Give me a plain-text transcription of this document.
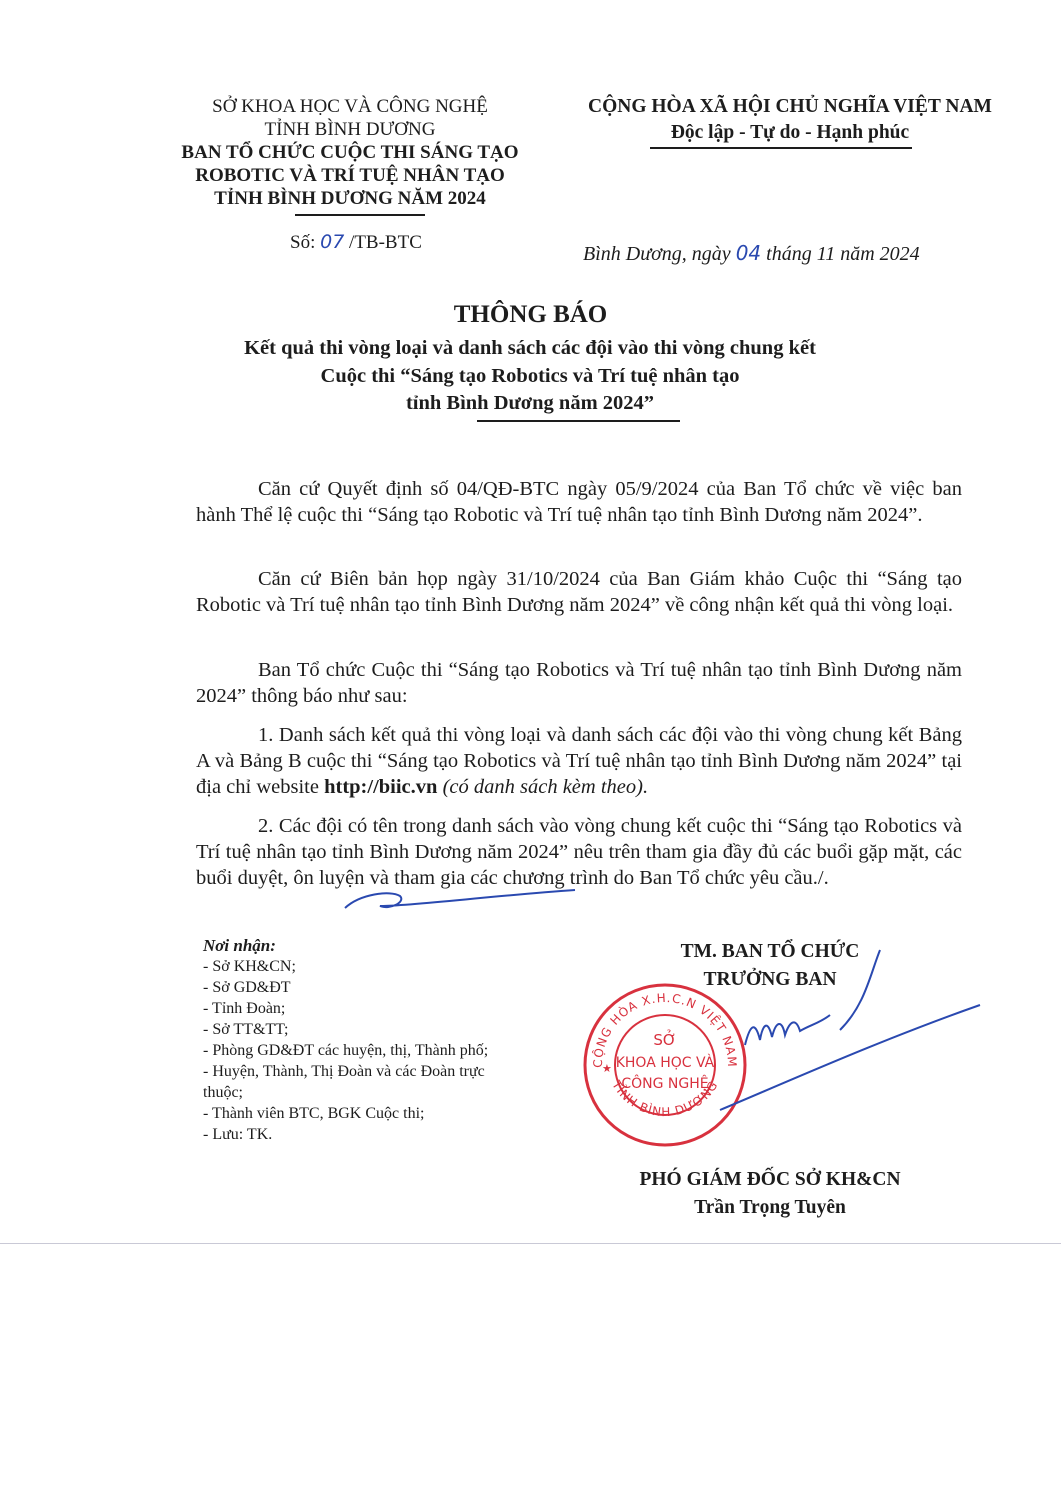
SỞ KHOA HỌC VÀ CÔNG NGHỆ
TỈNH BÌNH DƯƠNG
BAN TỔ CHỨC CUỘC THI SÁNG TẠO
ROBOTIC VÀ TRÍ TUỆ NHÂN TẠO
TỈNH BÌNH DƯƠNG NĂM 2024
CỘNG HÒA XÃ HỘI CHỦ NGHĨA VIỆT NAM
Độc lập - Tự do - Hạnh phúc
Số: 07 /TB-BTC
Bình Dương, ngày 04 tháng 11 năm 2024
THÔNG BÁO
Kết quả thi vòng loại và danh sách các đội vào thi vòng chung kết
Cuộc thi “Sáng tạo Robotics và Trí tuệ nhân tạo
tỉnh Bình Dương năm 2024”
Căn cứ Quyết định số 04/QĐ-BTC ngày 05/9/2024 của Ban Tổ chức về việc ban hành Thể lệ cuộc thi “Sáng tạo Robotic và Trí tuệ nhân tạo tỉnh Bình Dương năm 2024”.
Căn cứ Biên bản họp ngày 31/10/2024 của Ban Giám khảo Cuộc thi “Sáng tạo Robotic và Trí tuệ nhân tạo tỉnh Bình Dương năm 2024” về công nhận kết quả thi vòng loại.
Ban Tổ chức Cuộc thi “Sáng tạo Robotics và Trí tuệ nhân tạo tỉnh Bình Dương năm 2024” thông báo như sau:
1. Danh sách kết quả thi vòng loại và danh sách các đội vào thi vòng chung kết Bảng A và Bảng B cuộc thi “Sáng tạo Robotics và Trí tuệ nhân tạo tỉnh Bình Dương năm 2024” tại địa chỉ website http://biic.vn (có danh sách kèm theo).
2. Các đội có tên trong danh sách vào vòng chung kết cuộc thi “Sáng tạo Robotics và Trí tuệ nhân tạo tỉnh Bình Dương năm 2024” nêu trên tham gia đầy đủ các buổi gặp mặt, các buổi duyệt, ôn luyện và tham gia các chương trình do Ban Tổ chức yêu cầu./.
Nơi nhận:
- Sở KH&CN;
- Sở GD&ĐT
- Tỉnh Đoàn;
- Sở TT&TT;
- Phòng GD&ĐT các huyện, thị, Thành phố;
- Huyện, Thành, Thị Đoàn và các Đoàn trực thuộc;
- Thành viên BTC, BGK Cuộc thi;
- Lưu: TK.
TM. BAN TỔ CHỨC
TRƯỞNG BAN
CỘNG HÒA X.H.C.N VIỆT NAM
TỈNH BÌNH DƯƠNG
SỞ
KHOA HỌC VÀ
CÔNG NGHỆ
★
PHÓ GIÁM ĐỐC SỞ KH&CN
Trần Trọng Tuyên
